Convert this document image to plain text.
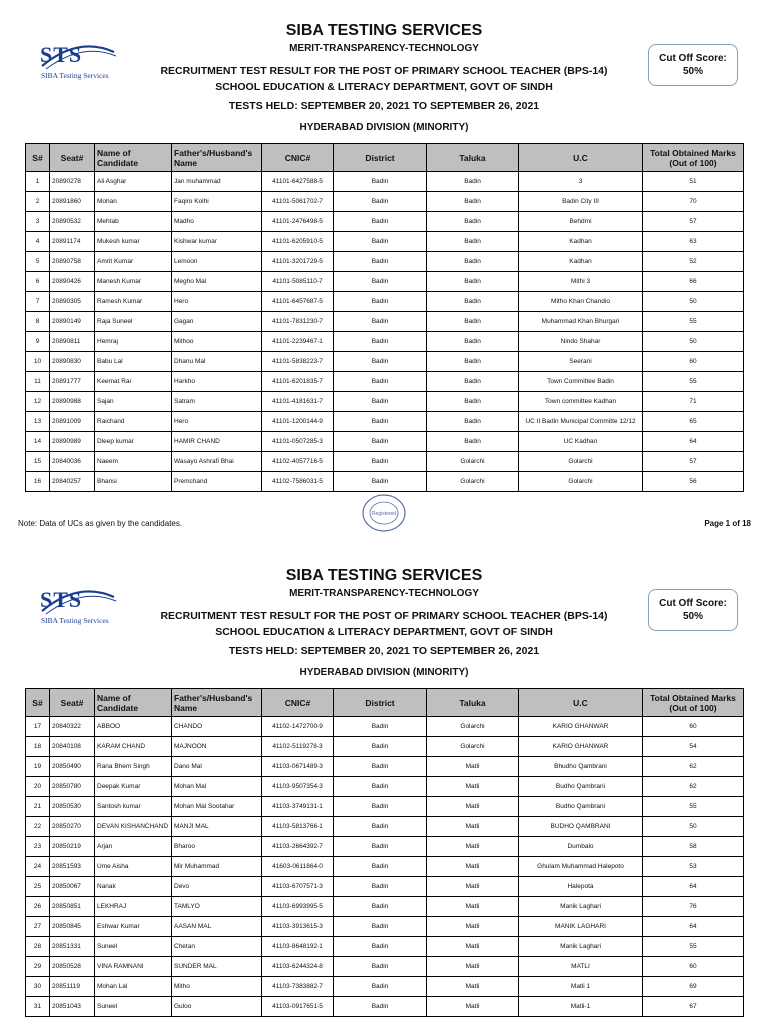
STS
SIBA Testing Services
SIBA TESTING SERVICES
MERIT-TRANSPARENCY-TECHNOLOGY
RECRUITMENT TEST RESULT FOR THE POST OF PRIMARY SCHOOL TEACHER (BPS-14)
SCHOOL EDUCATION & LITERACY DEPARTMENT, GOVT OF SINDH
TESTS HELD: SEPTEMBER 20, 2021 TO SEPTEMBER 26, 2021
HYDERABAD DIVISION (MINORITY)
Cut Off Score:
50%
S#	Seat#	Name of Candidate	Father's/Husband's Name	CNIC#	District	Taluka	U.C	Total Obtained Marks (Out of 100)
1	20890278	Ali Asghar	Jan muhammad	41101-6427588-5	Badin	Badin	3	51
2	20891860	Mohan	Faqiro Kolhi	41101-5061702-7	Badin	Badin	Badin City III	70
3	20890532	Mehtab	Madho	41101-2476498-5	Badin	Badin	Behdmi	57
4	20891174	Mukesh kumar	Kishwar kumar	41101-6205910-5	Badin	Badin	Kadhan	63
5	20890758	Amrit Kumar	Lemoon	41101-3201729-5	Badin	Badin	Kadhan	52
6	20890426	Manesh Kumar	Megho Mal	41101-5085110-7	Badin	Badin	Mithi 3	66
7	20890305	Ramesh Kumar	Hero	41101-6457687-5	Badin	Badin	Mitho Khan Chandio	50
8	20890149	Raja Suneel	Gagan	41101-7831230-7	Badin	Badin	Muhammad Khan Bhurgari	55
9	20890811	Hemraj	Mithoo	41101-2239467-1	Badin	Badin	Nindo Shahar	50
10	20890830	Babu Lal	Dhanu Mal	41101-5838223-7	Badin	Badin	Seerani	60
11	20891777	Keemat Rai	Harkho	41101-6201835-7	Badin	Badin	Town Committee Badin	55
12	20890988	Sajan	Satram	41101-4181631-7	Badin	Badin	Town committee Kadhan	71
13	20891009	Raichand	Hero	41101-1200144-9	Badin	Badin	UC II Badin Municipal Committe 12/12	65
14	20890989	Dleep kumar	HAMIR CHAND	41101-0507285-3	Badin	Badin	UC Kadhan	64
15	20840036	Naeem	Wasayo Ashrafi Bhai	41102-4057716-5	Badin	Golarchi	Golarchi	57
16	20840257	Bhansi	Premchand	41102-7586031-5	Badin	Golarchi	Golarchi	56
Note: Data of UCs as given by the candidates.
Registered
Page 1 of 18
STS
SIBA Testing Services
SIBA TESTING SERVICES
MERIT-TRANSPARENCY-TECHNOLOGY
RECRUITMENT TEST RESULT FOR THE POST OF PRIMARY SCHOOL TEACHER (BPS-14)
SCHOOL EDUCATION & LITERACY DEPARTMENT, GOVT OF SINDH
TESTS HELD: SEPTEMBER 20, 2021 TO SEPTEMBER 26, 2021
HYDERABAD DIVISION (MINORITY)
Cut Off Score:
50%
S#	Seat#	Name of Candidate	Father's/Husband's Name	CNIC#	District	Taluka	U.C	Total Obtained Marks (Out of 100)
17	20840322	ABBOO	CHANDO	41102-1472700-9	Badin	Golarchi	KARIO GHANWAR	60
18	20840108	KARAM CHAND	MAJNOON	41102-5119278-3	Badin	Golarchi	KARIO GHANWAR	54
19	20850490	Rana Bhem Singh	Dano Mal	41103-0671489-3	Badin	Matli	Bhudho Qambrani	62
20	20850780	Deepak Kumar	Mohan Mal	41103-9507354-3	Badin	Matli	Budho Qambrani	62
21	20850530	Santosh kumar	Mohan Mal Sootahar	41103-3749131-1	Badin	Matli	Budho Qambrani	55
22	20850270	DEVAN KISHANCHAND	MANJI MAL	41103-5813766-1	Badin	Matli	BUDHO QAMBRANI	50
23	20850219	Arjan	Bharoo	41103-2664392-7	Badin	Matli	Dumbalo	58
24	20851593	Ume Aisha	Mir Muhammad	41603-0611864-0	Badin	Matli	Ghulam Muhammad Halepoto	53
25	20850067	Nanak	Devo	41103-6707571-3	Badin	Matli	Halepota	64
26	20850851	LEKHRAJ	TAMLYO	41103-6993995-5	Badin	Matli	Manik Laghari	76
27	20850845	Eshwar Kumar	AASAN MAL	41103-3913615-3	Badin	Matli	MANIK LAGHARI	64
28	20851331	Suneel	Chetan	41103-8648192-1	Badin	Matli	Manik Laghari	55
29	20850528	VINA RAMNANI	SUNDER MAL	41103-6244324-8	Badin	Matli	MATLI	60
30	20851119	Mohan Lal	Mitho	41103-7383882-7	Badin	Matli	Matli 1	69
31	20851043	Suneel	Guloo	41103-0917651-5	Badin	Matli	Matli-1	67
